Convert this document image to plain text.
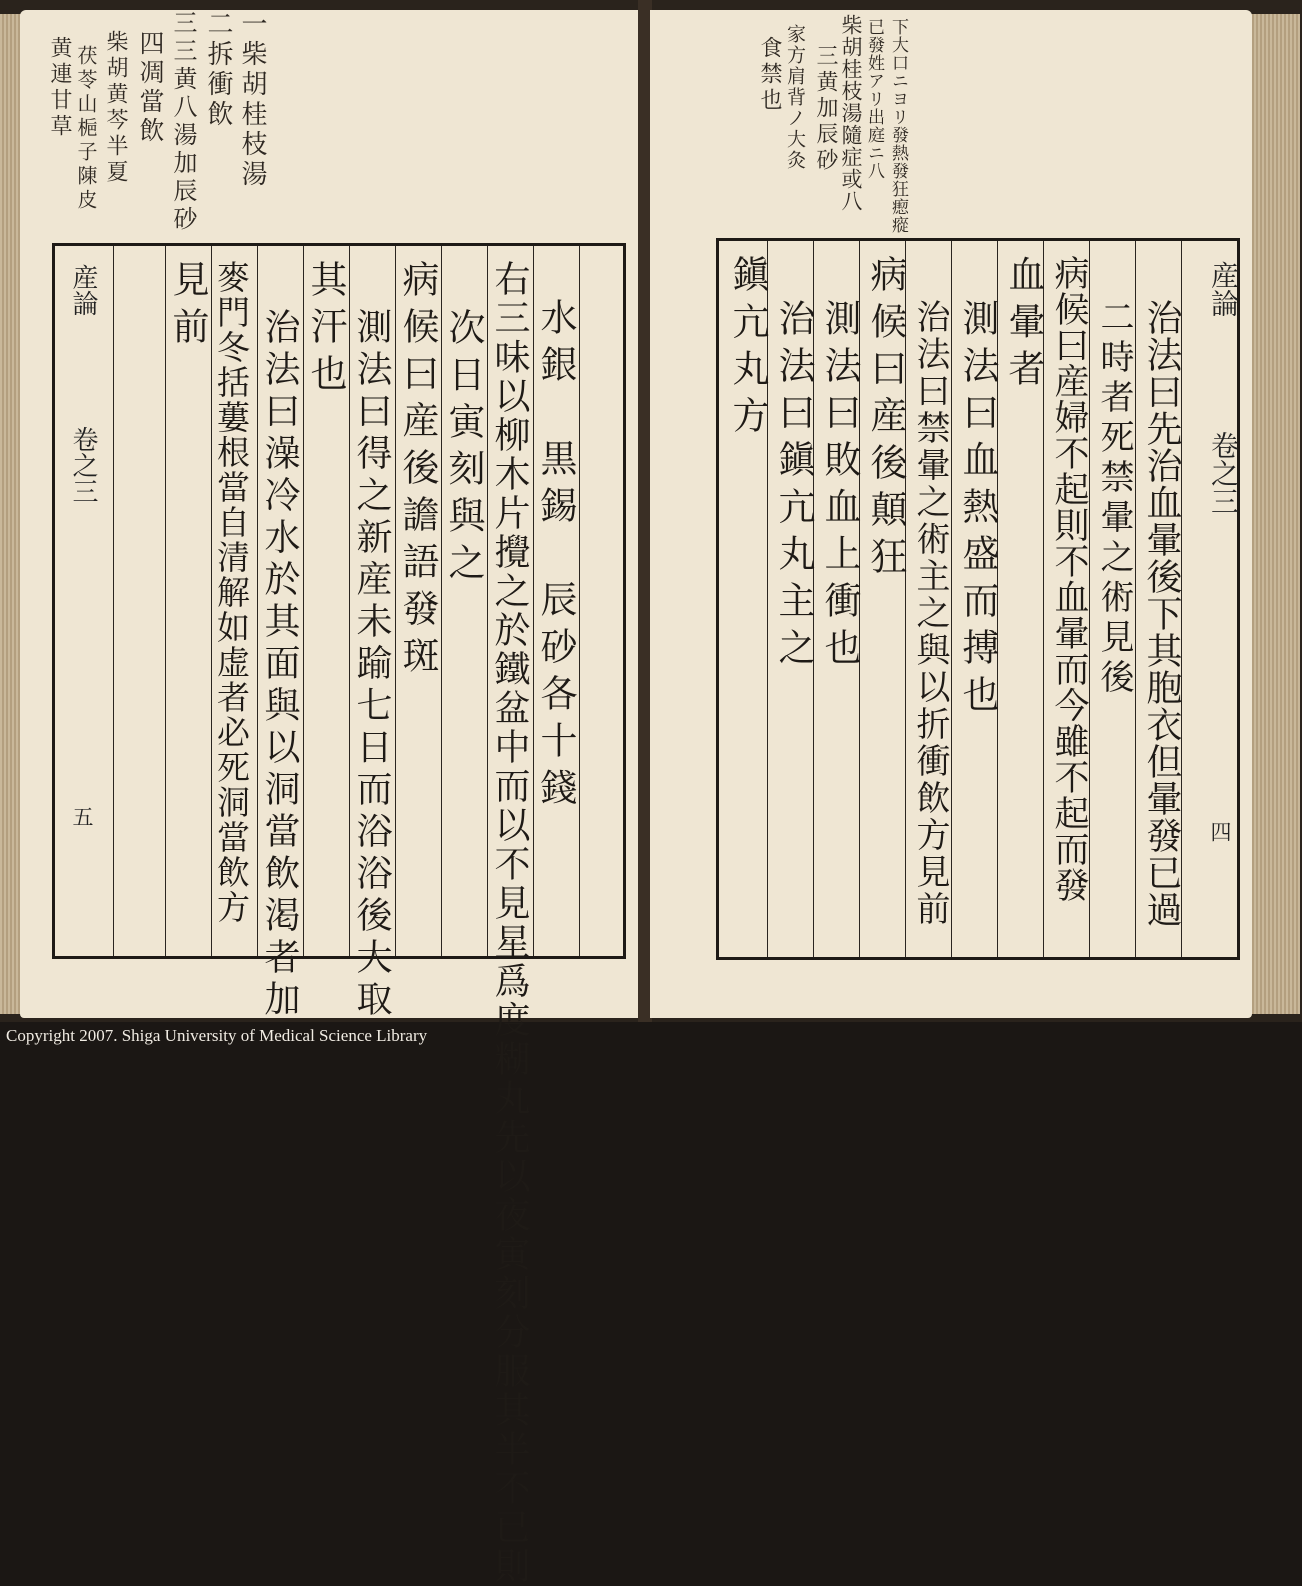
一柴胡桂枝湯
二拆衝飲
三三黄八湯加辰砂
四凋當飲
柴胡黄芩半夏
茯苓山梔子陳皮
黄連甘草
産論
卷之三
五
水銀　黒錫　辰砂各十錢
右三味以柳木片攪之於鐵盆中而以不見星爲度糊丸先以夜寅刻分服其半不已則
次日寅刻與之
病候曰産後譫語發斑
測法曰得之新産未踰七日而浴浴後大取
其汗也
治法曰澡冷水於其面與以洞當飲渇者加
麥門冬括蔞根當自清解如虚者必死洞當飲方
見前
下大口ニヨリ發熱發狂瘛瘲
已發姓アリ出庭ニ八
柴胡桂枝湯隨症或八
三黄加辰砂
家方肩背ノ大灸
食禁也
産論
卷之三
四
治法曰先治血暈後下其胞衣但暈發已過
二時者死禁暈之術見後
病候曰産婦不起則不血暈而今雖不起而發
血暈者
測法曰血熱盛而搏也
治法曰禁暈之術主之與以折衝飲方見前
病候曰産後顛狂
測法曰敗血上衝也
治法曰鎭亢丸主之
鎭亢丸方
Copyright 2007. Shiga University of Medical Science Library
